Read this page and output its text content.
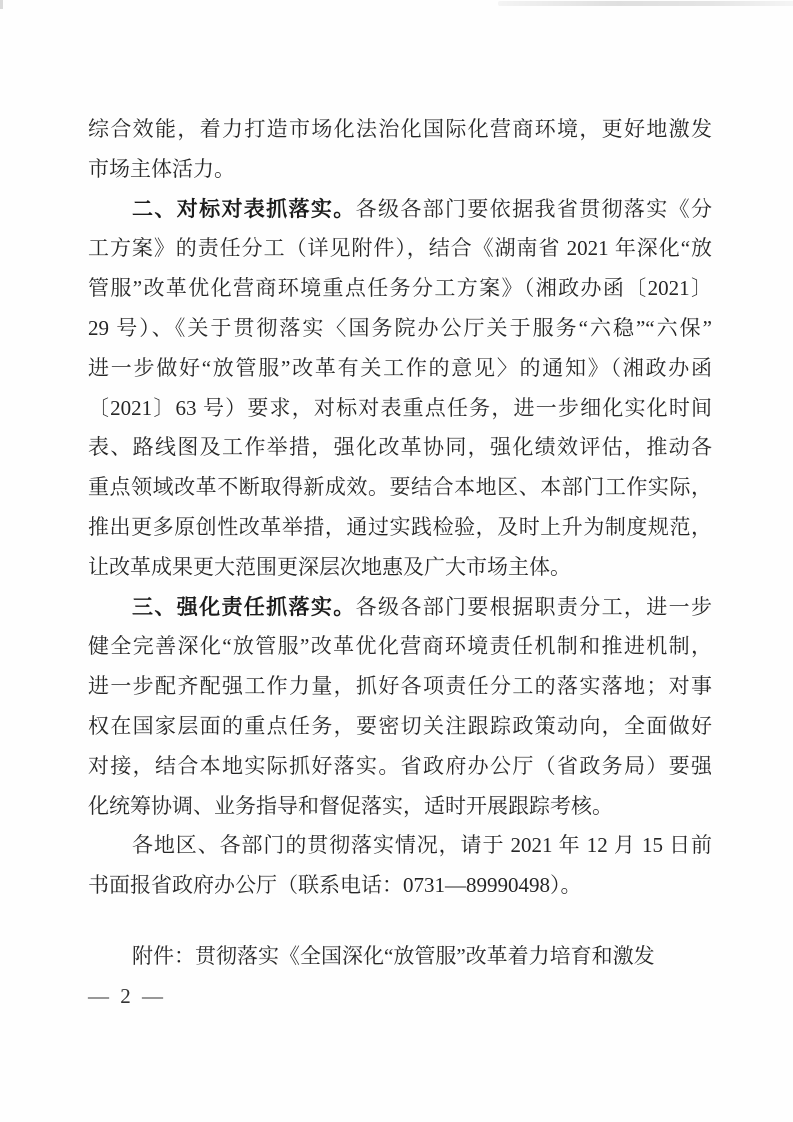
综合效能，着力打造市场化法治化国际化营商环境，更好地激发
市场主体活力。
二、对标对表抓落实。各级各部门要依据我省贯彻落实《分
工方案》的责任分工（详见附件），结合《湖南省 2021 年深化“放
管服”改革优化营商环境重点任务分工方案》（湘政办函〔2021〕
29 号）、《关于贯彻落实〈国务院办公厅关于服务“六稳”“六保”
进一步做好“放管服”改革有关工作的意见〉的通知》（湘政办函
〔2021〕63 号）要求，对标对表重点任务，进一步细化实化时间
表、路线图及工作举措，强化改革协同，强化绩效评估，推动各
重点领域改革不断取得新成效。要结合本地区、本部门工作实际，
推出更多原创性改革举措，通过实践检验，及时上升为制度规范，
让改革成果更大范围更深层次地惠及广大市场主体。
三、强化责任抓落实。各级各部门要根据职责分工，进一步
健全完善深化“放管服”改革优化营商环境责任机制和推进机制，
进一步配齐配强工作力量，抓好各项责任分工的落实落地；对事
权在国家层面的重点任务，要密切关注跟踪政策动向，全面做好
对接，结合本地实际抓好落实。省政府办公厅（省政务局）要强
化统筹协调、业务指导和督促落实，适时开展跟踪考核。
各地区、各部门的贯彻落实情况，请于 2021 年 12 月 15 日前
书面报省政府办公厅（联系电话：0731—89990498）。
附件：贯彻落实《全国深化“放管服”改革着力培育和激发
— 2 —
